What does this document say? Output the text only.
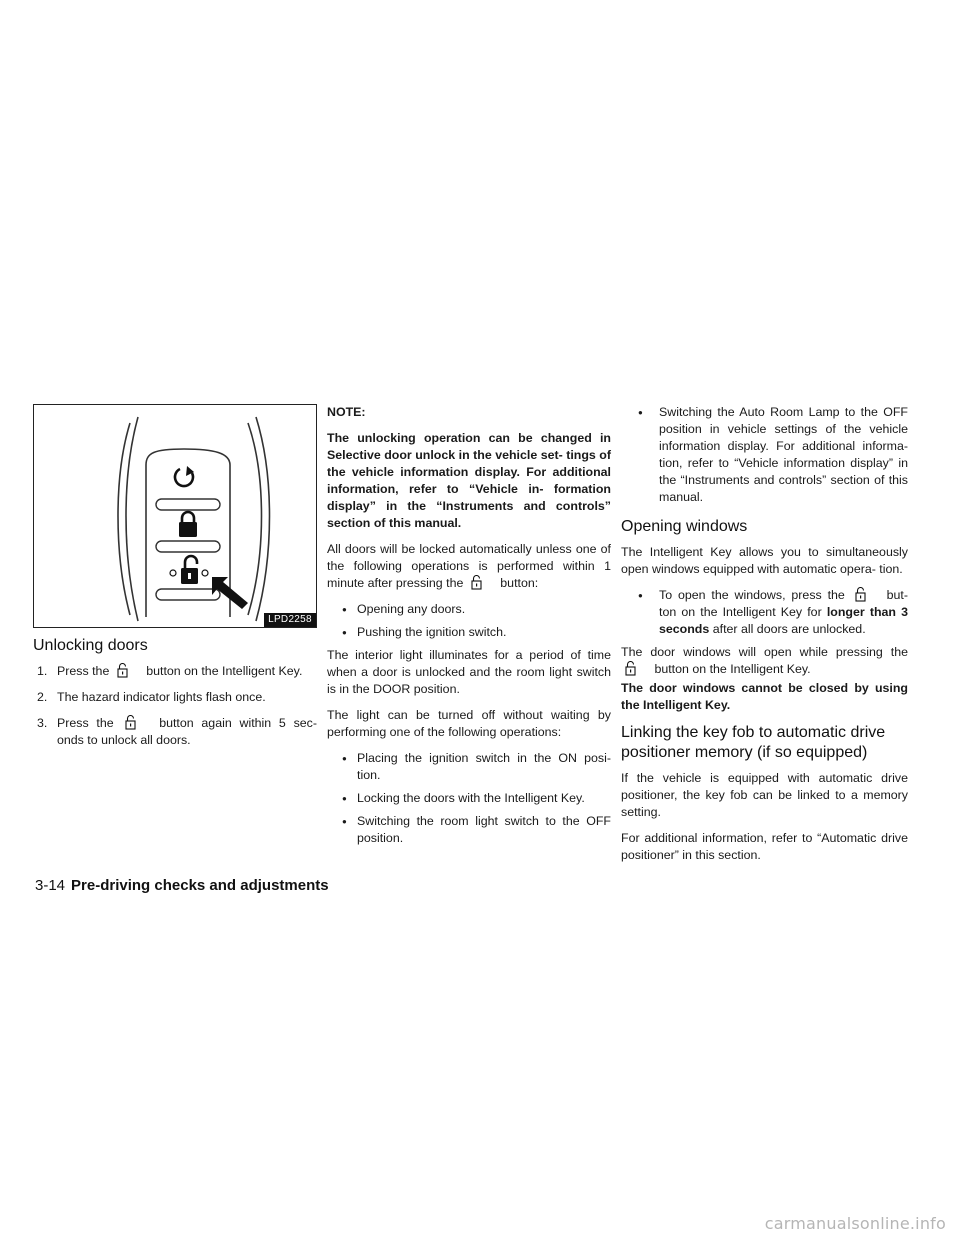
LPD2258
Unlocking doors
1. Press the	button on the Intelligent Key.
2. The hazard indicator lights flash once.
3. Press the	button again within 5 sec- onds to unlock all doors.

NOTE:

The unlocking operation can be changed in Selective door unlock in the vehicle set- tings of the vehicle information display. For additional information, refer to “Vehicle in- formation display” in the “Instruments and controls” section of this manual.

All doors will be locked automatically unless one of the following operations is performed within 1 minute after pressing the	button:

● Opening any doors.
● Pushing the ignition switch.

The interior light illuminates for a period of time when a door is unlocked and the room light switch is in the DOOR position.

The light can be turned off without waiting by performing one of the following operations:

● Placing the ignition switch in the ON posi- tion.
● Locking the doors with the Intelligent Key.
● Switching the room light switch to the OFF position.
● Switching the Auto Room Lamp to the OFF position in vehicle settings of the vehicle information display. For additional informa- tion, refer to “Vehicle information display” in the “Instruments and controls” section of this manual.
Opening windows

The Intelligent Key allows you to simultaneously open windows equipped with automatic opera- tion.

● To open the windows, press the	but- ton on the Intelligent Key for longer than 3 seconds after all doors are unlocked.

The door windows will open while pressing the
button on the Intelligent Key.

The door windows cannot be closed by using the Intelligent Key.

Linking the key fob to automatic drive positioner memory (if so equipped)

If the vehicle is equipped with automatic drive positioner, the key fob can be linked to a memory setting.

For additional information, refer to “Automatic drive positioner” in this section.

3-14 Pre-driving checks and adjustments
carmanualsonline.info
